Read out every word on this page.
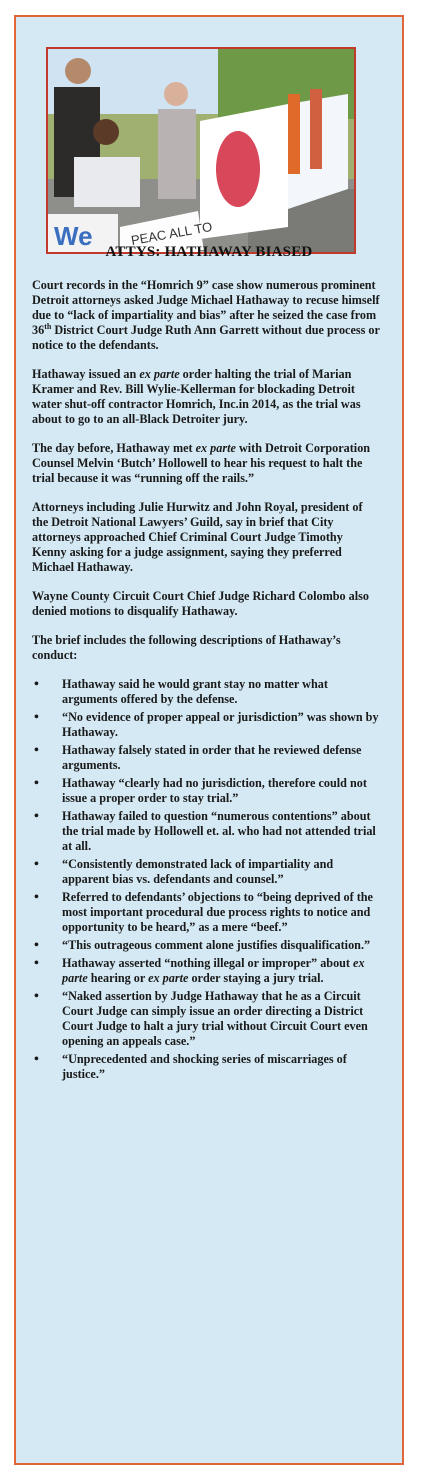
We	PEAC ALL TO
ATTYS: HATHAWAY BIASED

Court records in the “Homrich 9” case show numerous prominent Detroit attorneys asked Judge Michael Hathaway to recuse himself due to “lack of impartiality and bias” after he seized the case from 36th District Court Judge Ruth Ann Garrett without due process or notice to the defendants.

Hathaway issued an ex parte order halting the trial of Marian Kramer and Rev. Bill Wylie-Kellerman for blockading Detroit water shut-off contractor Homrich, Inc.in 2014, as the trial was about to go to an all-Black Detroiter jury.

The day before, Hathaway met ex parte with Detroit Corporation Counsel Melvin ‘Butch’ Hollowell to hear his request to halt the trial because it was “running off the rails.”

Attorneys including Julie Hurwitz and John Royal, president of the Detroit National Lawyers’ Guild, say in brief that City attorneys approached Chief Criminal Court Judge Timothy Kenny asking for a judge assignment, saying they preferred Michael Hathaway.

Wayne County Circuit Court Chief Judge Richard Colombo also denied motions to disqualify Hathaway.

The brief includes the following descriptions of Hathaway’s conduct:

• Hathaway said he would grant stay no matter what arguments offered by the defense.
• “No evidence of proper appeal or jurisdiction” was shown by Hathaway.
• Hathaway falsely stated in order that he reviewed defense arguments.
• Hathaway “clearly had no jurisdiction, therefore could not issue a proper order to stay trial.”
• Hathaway failed to question “numerous contentions” about the trial made by Hollowell et. al. who had not attended trial at all.
• “Consistently demonstrated lack of impartiality and apparent bias vs. defendants and counsel.”
• Referred to defendants’ objections to “being deprived of the most important procedural due process rights to notice and opportunity to be heard,” as a mere “beef.”
• “This outrageous comment alone justifies disqualification.”
• Hathaway asserted “nothing illegal or improper” about ex parte hearing or ex parte order staying a jury trial.
• “Naked assertion by Judge Hathaway that he as a Circuit Court Judge can simply issue an order directing a District Court Judge to halt a jury trial without Circuit Court even opening an appeals case.”
• “Unprecedented and shocking series of miscarriages of justice.”
